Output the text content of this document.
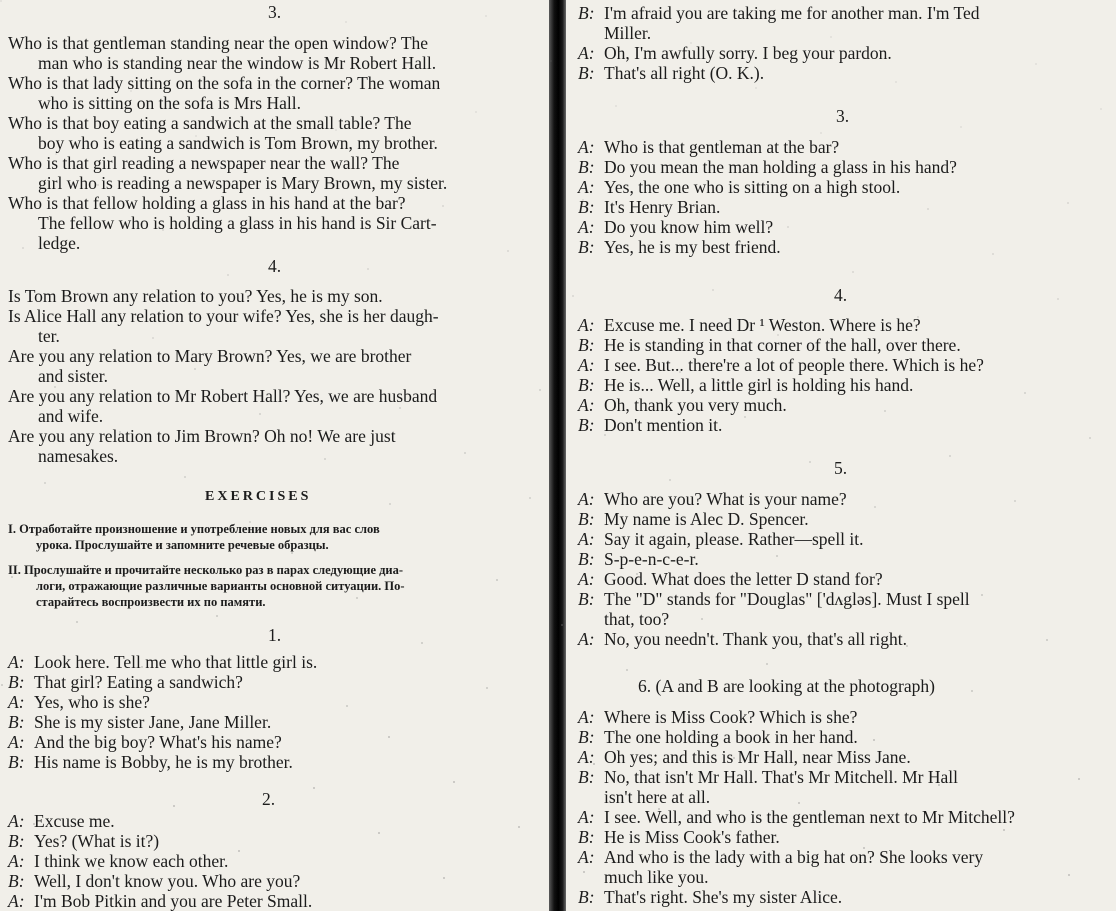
3.
4.
EXERCISES
I. Отработайте произношение и употребление новых для вас слов
урока. Прослушайте и запомните речевые образцы.
II. Прослушайте и прочитайте несколько раз в парах следующие диа-
логи, отражающие различные варианты основной ситуации. По-
старайтесь воспроизвести их по памяти.
1.
2.
Who is that gentleman standing near the open window? The
man who is standing near the window is Mr Robert Hall.
Who is that lady sitting on the sofa in the corner? The woman
who is sitting on the sofa is Mrs Hall.
Who is that boy eating a sandwich at the small table? The
boy who is eating a sandwich is Tom Brown, my brother.
Who is that girl reading a newspaper near the wall? The
girl who is reading a newspaper is Mary Brown, my sister.
Who is that fellow holding a glass in his hand at the bar?
The fellow who is holding a glass in his hand is Sir Cart-
ledge.
Is Tom Brown any relation to you? Yes, he is my son.
Is Alice Hall any relation to your wife? Yes, she is her daugh-
ter.
Are you any relation to Mary Brown? Yes, we are brother
and sister.
Are you any relation to Mr Robert Hall? Yes, we are husband
and wife.
Are you any relation to Jim Brown? Oh no! We are just
namesakes.
A: Look here. Tell me who that little girl is.
B: That girl? Eating a sandwich?
A: Yes, who is she?
B: She is my sister Jane, Jane Miller.
A: And the big boy? What's his name?
B: His name is Bobby, he is my brother.
A: Excuse me.
B: Yes? (What is it?)
A: I think we know each other.
B: Well, I don't know you. Who are you?
A: I'm Bob Pitkin and you are Peter Small.
3.
4.
5.
6. (A and B are looking at the photograph)
B: I'm afraid you are taking me for another man. I'm Ted
Miller.
A: Oh, I'm awfully sorry. I beg your pardon.
B: That's all right (O. K.).
A: Who is that gentleman at the bar?
B: Do you mean the man holding a glass in his hand?
A: Yes, the one who is sitting on a high stool.
B: It's Henry Brian.
A: Do you know him well?
B: Yes, he is my best friend.
A: Excuse me. I need Dr ¹ Weston. Where is he?
B: He is standing in that corner of the hall, over there.
A: I see. But... there're a lot of people there. Which is he?
B: He is... Well, a little girl is holding his hand.
A: Oh, thank you very much.
B: Don't mention it.
A: Who are you? What is your name?
B: My name is Alec D. Spencer.
A: Say it again, please. Rather—spell it.
B: S-p-e-n-c-e-r.
A: Good. What does the letter D stand for?
B: The "D" stands for "Douglas" ['dʌgləs]. Must I spell
that, too?
A: No, you needn't. Thank you, that's all right.
A: Where is Miss Cook? Which is she?
B: The one holding a book in her hand.
A: Oh yes; and this is Mr Hall, near Miss Jane.
B: No, that isn't Mr Hall. That's Mr Mitchell. Mr Hall
isn't here at all.
A: I see. Well, and who is the gentleman next to Mr Mitchell?
B: He is Miss Cook's father.
A: And who is the lady with a big hat on? She looks very
much like you.
B: That's right. She's my sister Alice.
